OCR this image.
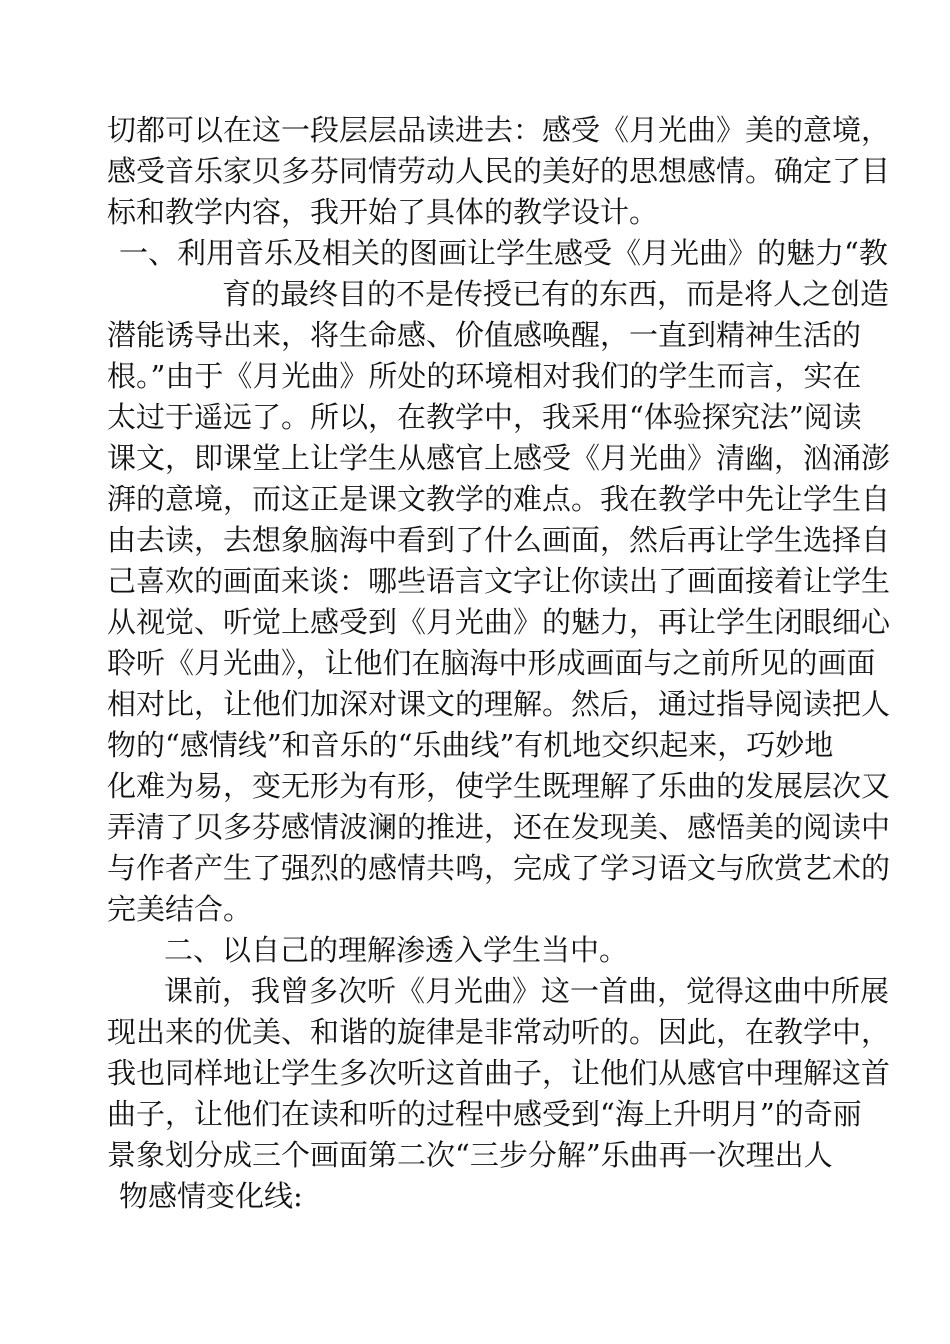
切都可以在这一段层层品读进去：感受《月光曲》美的意境，

感受音乐家贝多芬同情劳动人民的美好的思想感情。确定了目

标和教学内容，我开始了具体的教学设计。

一、利用音乐及相关的图画让学生感受《月光曲》的魅力“教

育的最终目的不是传授已有的东西，而是将人之创造

潜能诱导出来，将生命感、价值感唤醒，一直到精神生活的

根。”由于《月光曲》所处的环境相对我们的学生而言，实在

太过于遥远了。所以，在教学中，我采用“体验探究法”阅读

课文，即课堂上让学生从感官上感受《月光曲》清幽，汹涌澎

湃的意境，而这正是课文教学的难点。我在教学中先让学生自

由去读，去想象脑海中看到了什么画面，然后再让学生选择自

己喜欢的画面来谈：哪些语言文字让你读出了画面接着让学生

从视觉、听觉上感受到《月光曲》的魅力，再让学生闭眼细心

聆听《月光曲》，让他们在脑海中形成画面与之前所见的画面

相对比，让他们加深对课文的理解。然后，通过指导阅读把人

物的“感情线”和音乐的“乐曲线”有机地交织起来，巧妙地

化难为易，变无形为有形，使学生既理解了乐曲的发展层次又

弄清了贝多芬感情波澜的推进，还在发现美、感悟美的阅读中

与作者产生了强烈的感情共鸣，完成了学习语文与欣赏艺术的

完美结合。

二、以自己的理解渗透入学生当中。

课前，我曾多次听《月光曲》这一首曲，觉得这曲中所展

现出来的优美、和谐的旋律是非常动听的。因此，在教学中，

我也同样地让学生多次听这首曲子，让他们从感官中理解这首

曲子，让他们在读和听的过程中感受到“海上升明月”的奇丽

景象划分成三个画面第二次“三步分解”乐曲再一次理出人

物感情变化线:
